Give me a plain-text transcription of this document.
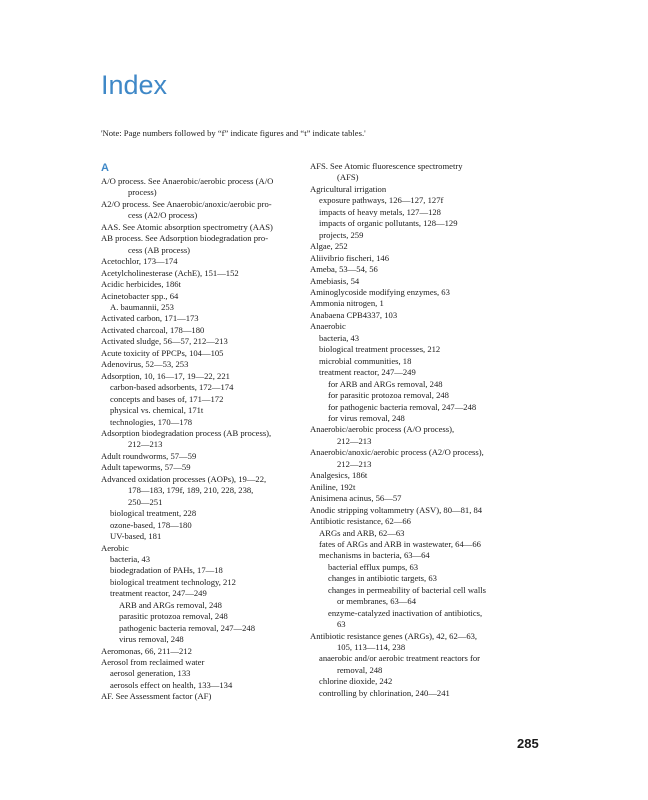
Index
'Note: Page numbers followed by “f” indicate figures and “t” indicate tables.'
A
A/O process. See Anaerobic/aerobic process (A/O
process)
A2/O process. See Anaerobic/anoxic/aerobic pro-
cess (A2/O process)
AAS. See Atomic absorption spectrometry (AAS)
AB process. See Adsorption biodegradation pro-
cess (AB process)
Acetochlor, 173—174
Acetylcholinesterase (AchE), 151—152
Acidic herbicides, 186t
Acinetobacter spp., 64
A. baumannii, 253
Activated carbon, 171—173
Activated charcoal, 178—180
Activated sludge, 56—57, 212—213
Acute toxicity of PPCPs, 104—105
Adenovirus, 52—53, 253
Adsorption, 10, 16—17, 19—22, 221
carbon-based adsorbents, 172—174
concepts and bases of, 171—172
physical vs. chemical, 171t
technologies, 170—178
Adsorption biodegradation process (AB process),
212—213
Adult roundworms, 57—59
Adult tapeworms, 57—59
Advanced oxidation processes (AOPs), 19—22,
178—183, 179f, 189, 210, 228, 238,
250—251
biological treatment, 228
ozone-based, 178—180
UV-based, 181
Aerobic
bacteria, 43
biodegradation of PAHs, 17—18
biological treatment technology, 212
treatment reactor, 247—249
ARB and ARGs removal, 248
parasitic protozoa removal, 248
pathogenic bacteria removal, 247—248
virus removal, 248
Aeromonas, 66, 211—212
Aerosol from reclaimed water
aerosol generation, 133
aerosols effect on health, 133—134
AF. See Assessment factor (AF)
AFS. See Atomic fluorescence spectrometry
(AFS)
Agricultural irrigation
exposure pathways, 126—127, 127f
impacts of heavy metals, 127—128
impacts of organic pollutants, 128—129
projects, 259
Algae, 252
Aliivibrio fischeri, 146
Ameba, 53—54, 56
Amebiasis, 54
Aminoglycoside modifying enzymes, 63
Ammonia nitrogen, 1
Anabaena CPB4337, 103
Anaerobic
bacteria, 43
biological treatment processes, 212
microbial communities, 18
treatment reactor, 247—249
for ARB and ARGs removal, 248
for parasitic protozoa removal, 248
for pathogenic bacteria removal, 247—248
for virus removal, 248
Anaerobic/aerobic process (A/O process),
212—213
Anaerobic/anoxic/aerobic process (A2/O process),
212—213
Analgesics, 186t
Aniline, 192t
Anisimena acinus, 56—57
Anodic stripping voltammetry (ASV), 80—81, 84
Antibiotic resistance, 62—66
ARGs and ARB, 62—63
fates of ARGs and ARB in wastewater, 64—66
mechanisms in bacteria, 63—64
bacterial efflux pumps, 63
changes in antibiotic targets, 63
changes in permeability of bacterial cell walls
or membranes, 63—64
enzyme-catalyzed inactivation of antibiotics,
63
Antibiotic resistance genes (ARGs), 42, 62—63,
105, 113—114, 238
anaerobic and/or aerobic treatment reactors for
removal, 248
chlorine dioxide, 242
controlling by chlorination, 240—241
285
